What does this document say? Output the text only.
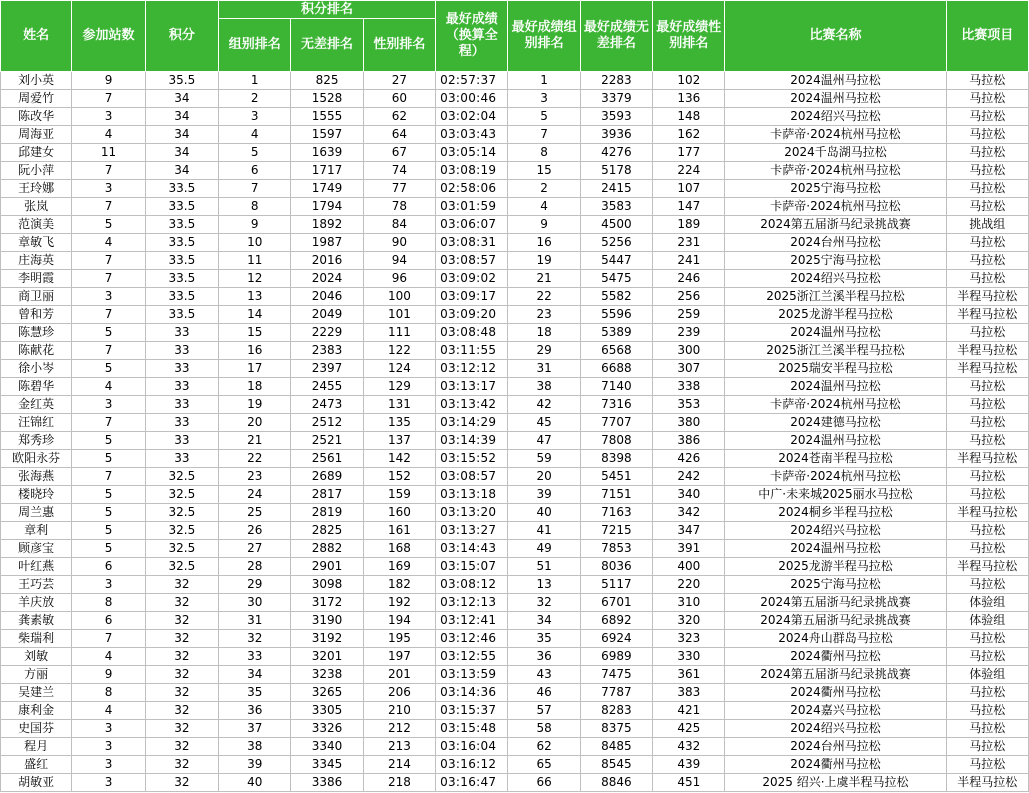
姓名	参加站数	积分	积分排名			最好成绩（换算全程）	最好成绩组别排名	最好成绩无差排名	最好成绩性别排名	比赛名称	比赛项目
			组别排名	无差排名	性别排名						
刘小英	9	35.5	1	825	27	02:57:37	1	2283	102	2024温州马拉松	马拉松
周爱竹	7	34	2	1528	60	03:00:46	3	3379	136	2024温州马拉松	马拉松
陈改华	3	34	3	1555	62	03:02:04	5	3593	148	2024绍兴马拉松	马拉松
周海亚	4	34	4	1597	64	03:03:43	7	3936	162	卡萨帝·2024杭州马拉松	马拉松
邱建女	11	34	5	1639	67	03:05:14	8	4276	177	2024千岛湖马拉松	马拉松
阮小萍	7	34	6	1717	74	03:08:19	15	5178	224	卡萨帝·2024杭州马拉松	马拉松
王玲娜	3	33.5	7	1749	77	02:58:06	2	2415	107	2025宁海马拉松	马拉松
张岚	7	33.5	8	1794	78	03:01:59	4	3583	147	卡萨帝·2024杭州马拉松	马拉松
范演美	5	33.5	9	1892	84	03:06:07	9	4500	189	2024第五届浙马纪录挑战赛	挑战组
章敏飞	4	33.5	10	1987	90	03:08:31	16	5256	231	2024台州马拉松	马拉松
庄海英	7	33.5	11	2016	94	03:08:57	19	5447	241	2025宁海马拉松	马拉松
李明霞	7	33.5	12	2024	96	03:09:02	21	5475	246	2024绍兴马拉松	马拉松
商卫丽	3	33.5	13	2046	100	03:09:17	22	5582	256	2025浙江兰溪半程马拉松	半程马拉松
曾和芳	7	33.5	14	2049	101	03:09:20	23	5596	259	2025龙游半程马拉松	半程马拉松
陈慧珍	5	33	15	2229	111	03:08:48	18	5389	239	2024温州马拉松	马拉松
陈献花	7	33	16	2383	122	03:11:55	29	6568	300	2025浙江兰溪半程马拉松	半程马拉松
徐小岑	5	33	17	2397	124	03:12:12	31	6688	307	2025瑞安半程马拉松	半程马拉松
陈碧华	4	33	18	2455	129	03:13:17	38	7140	338	2024温州马拉松	马拉松
金红英	3	33	19	2473	131	03:13:42	42	7316	353	卡萨帝·2024杭州马拉松	马拉松
汪锦红	7	33	20	2512	135	03:14:29	45	7707	380	2024建德马拉松	马拉松
郑秀珍	5	33	21	2521	137	03:14:39	47	7808	386	2024温州马拉松	马拉松
欧阳永芬	5	33	22	2561	142	03:15:52	59	8398	426	2024苍南半程马拉松	半程马拉松
张海燕	7	32.5	23	2689	152	03:08:57	20	5451	242	卡萨帝·2024杭州马拉松	马拉松
楼晓玲	5	32.5	24	2817	159	03:13:18	39	7151	340	中广·未来城2025丽水马拉松	马拉松
周兰惠	5	32.5	25	2819	160	03:13:20	40	7163	342	2024桐乡半程马拉松	半程马拉松
章利	5	32.5	26	2825	161	03:13:27	41	7215	347	2024绍兴马拉松	马拉松
顾彦宝	5	32.5	27	2882	168	03:14:43	49	7853	391	2024温州马拉松	马拉松
叶红燕	6	32.5	28	2901	169	03:15:07	51	8036	400	2025龙游半程马拉松	半程马拉松
王巧芸	3	32	29	3098	182	03:08:12	13	5117	220	2025宁海马拉松	马拉松
羊庆放	8	32	30	3172	192	03:12:13	32	6701	310	2024第五届浙马纪录挑战赛	体验组
龚素敏	6	32	31	3190	194	03:12:41	34	6892	320	2024第五届浙马纪录挑战赛	体验组
柴瑞利	7	32	32	3192	195	03:12:46	35	6924	323	2024舟山群岛马拉松	马拉松
刘敏	4	32	33	3201	197	03:12:55	36	6989	330	2024衢州马拉松	马拉松
方丽	9	32	34	3238	201	03:13:59	43	7475	361	2024第五届浙马纪录挑战赛	体验组
吴建兰	8	32	35	3265	206	03:14:36	46	7787	383	2024衢州马拉松	马拉松
康利金	4	32	36	3305	210	03:15:37	57	8283	421	2024嘉兴马拉松	马拉松
史国芬	3	32	37	3326	212	03:15:48	58	8375	425	2024绍兴马拉松	马拉松
程月	3	32	38	3340	213	03:16:04	62	8485	432	2024台州马拉松	马拉松
盛红	3	32	39	3345	214	03:16:12	65	8545	439	2024衢州马拉松	马拉松
胡敏亚	3	32	40	3386	218	03:16:47	66	8846	451	2025 绍兴·上虞半程马拉松	半程马拉松
